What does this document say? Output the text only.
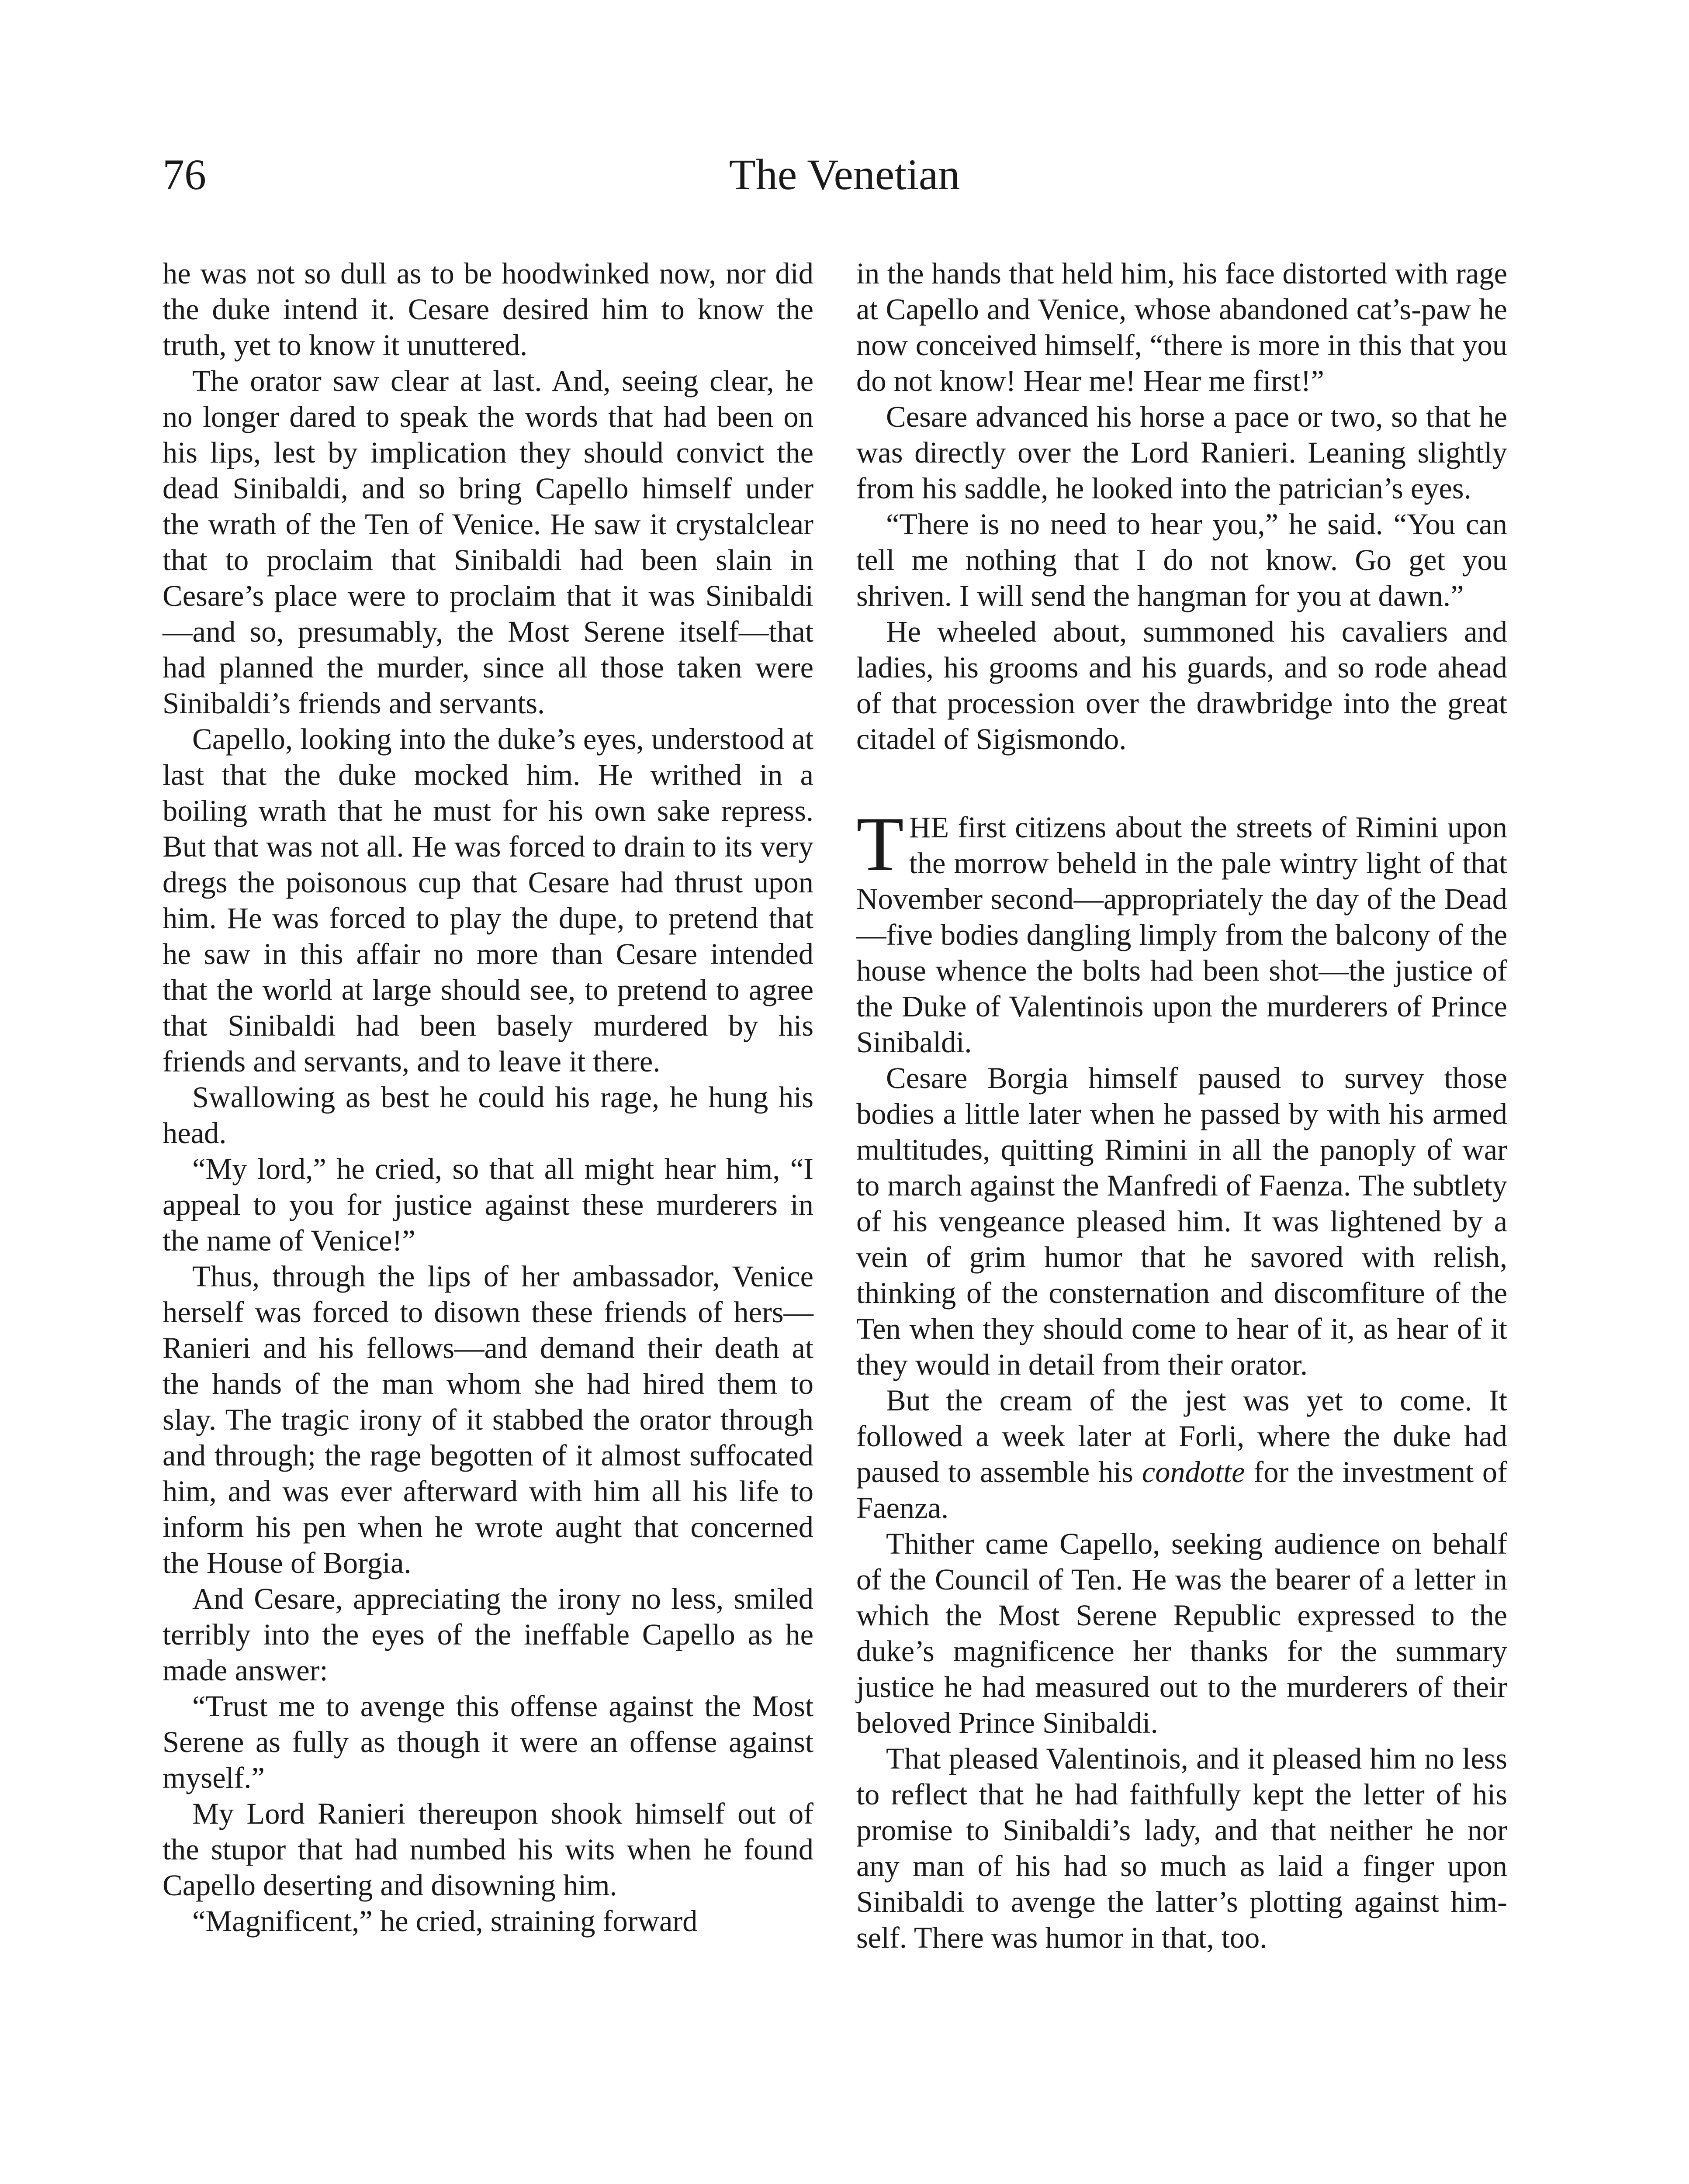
76	The Venetian

he was not so dull as to be hoodwinked now, nor did the duke intend it. Cesare desired him to know the truth, yet to know it unuttered.

The orator saw clear at last. And, seeing clear, he no longer dared to speak the words that had been on his lips, lest by implication they should convict the dead Sinibaldi, and so bring Capello himself under the wrath of the Ten of Venice. He saw it crystalclear that to proclaim that Sinibaldi had been slain in Cesare’s place were to proclaim that it was Sinibaldi—and so, presumably, the Most Serene itself—that had planned the murder, since all those taken were Sinibaldi’s friends and servants.

Capello, looking into the duke’s eyes, understood at last that the duke mocked him. He writhed in a boiling wrath that he must for his own sake repress. But that was not all. He was forced to drain to its very dregs the poisonous cup that Cesare had thrust upon him. He was forced to play the dupe, to pretend that he saw in this affair no more than Cesare intended that the world at large should see, to pretend to agree that Sinibaldi had been basely murdered by his friends and servants, and to leave it there.

Swallowing as best he could his rage, he hung his head.

“My lord,” he cried, so that all might hear him, “I appeal to you for justice against these murderers in the name of Venice!”

Thus, through the lips of her ambassador, Venice herself was forced to disown these friends of hers—Ranieri and his fellows—and demand their death at the hands of the man whom she had hired them to slay. The tragic irony of it stabbed the orator through and through; the rage begotten of it almost suffocated him, and was ever afterward with him all his life to inform his pen when he wrote aught that concerned the House of Borgia.

And Cesare, appreciating the irony no less, smiled terribly into the eyes of the ineffable Capello as he made answer:

“Trust me to avenge this offense against the Most Serene as fully as though it were an offense against myself.”

My Lord Ranieri thereupon shook himself out of the stupor that had numbed his wits when he found Capello deserting and disowning him.

“Magnificent,” he cried, straining forward

in the hands that held him, his face distorted with rage at Capello and Venice, whose abandoned cat’s-paw he now conceived himself, “there is more in this that you do not know! Hear me! Hear me first!”

Cesare advanced his horse a pace or two, so that he was directly over the Lord Ranieri. Leaning slightly from his saddle, he looked into the patrician’s eyes.

“There is no need to hear you,” he said. “You can tell me nothing that I do not know. Go get you shriven. I will send the hangman for you at dawn.”

He wheeled about, summoned his cavaliers and ladies, his grooms and his guards, and so rode ahead of that procession over the drawbridge into the great citadel of Sigismondo.

THE first citizens about the streets of Rimini upon the morrow beheld in the pale wintry light of that November second—appropriately the day of the Dead—five bodies dangling limply from the balcony of the house whence the bolts had been shot—the justice of the Duke of Valentinois upon the murderers of Prince Sinibaldi.

Cesare Borgia himself paused to survey those bodies a little later when he passed by with his armed multitudes, quitting Rimini in all the panoply of war to march against the Manfredi of Faenza. The subtlety of his vengeance pleased him. It was lightened by a vein of grim humor that he savored with relish, thinking of the consternation and discomfiture of the Ten when they should come to hear of it, as hear of it they would in detail from their orator.

But the cream of the jest was yet to come. It followed a week later at Forli, where the duke had paused to assemble his condotte for the investment of Faenza.

Thither came Capello, seeking audience on behalf of the Council of Ten. He was the bearer of a letter in which the Most Serene Republic expressed to the duke’s magnificence her thanks for the summary justice he had measured out to the murderers of their beloved Prince Sinibaldi.

That pleased Valentinois, and it pleased him no less to reflect that he had faithfully kept the letter of his promise to Sinibaldi’s lady, and that neither he nor any man of his had so much as laid a finger upon Sinibaldi to avenge the latter’s plotting against himself. There was humor in that, too.
